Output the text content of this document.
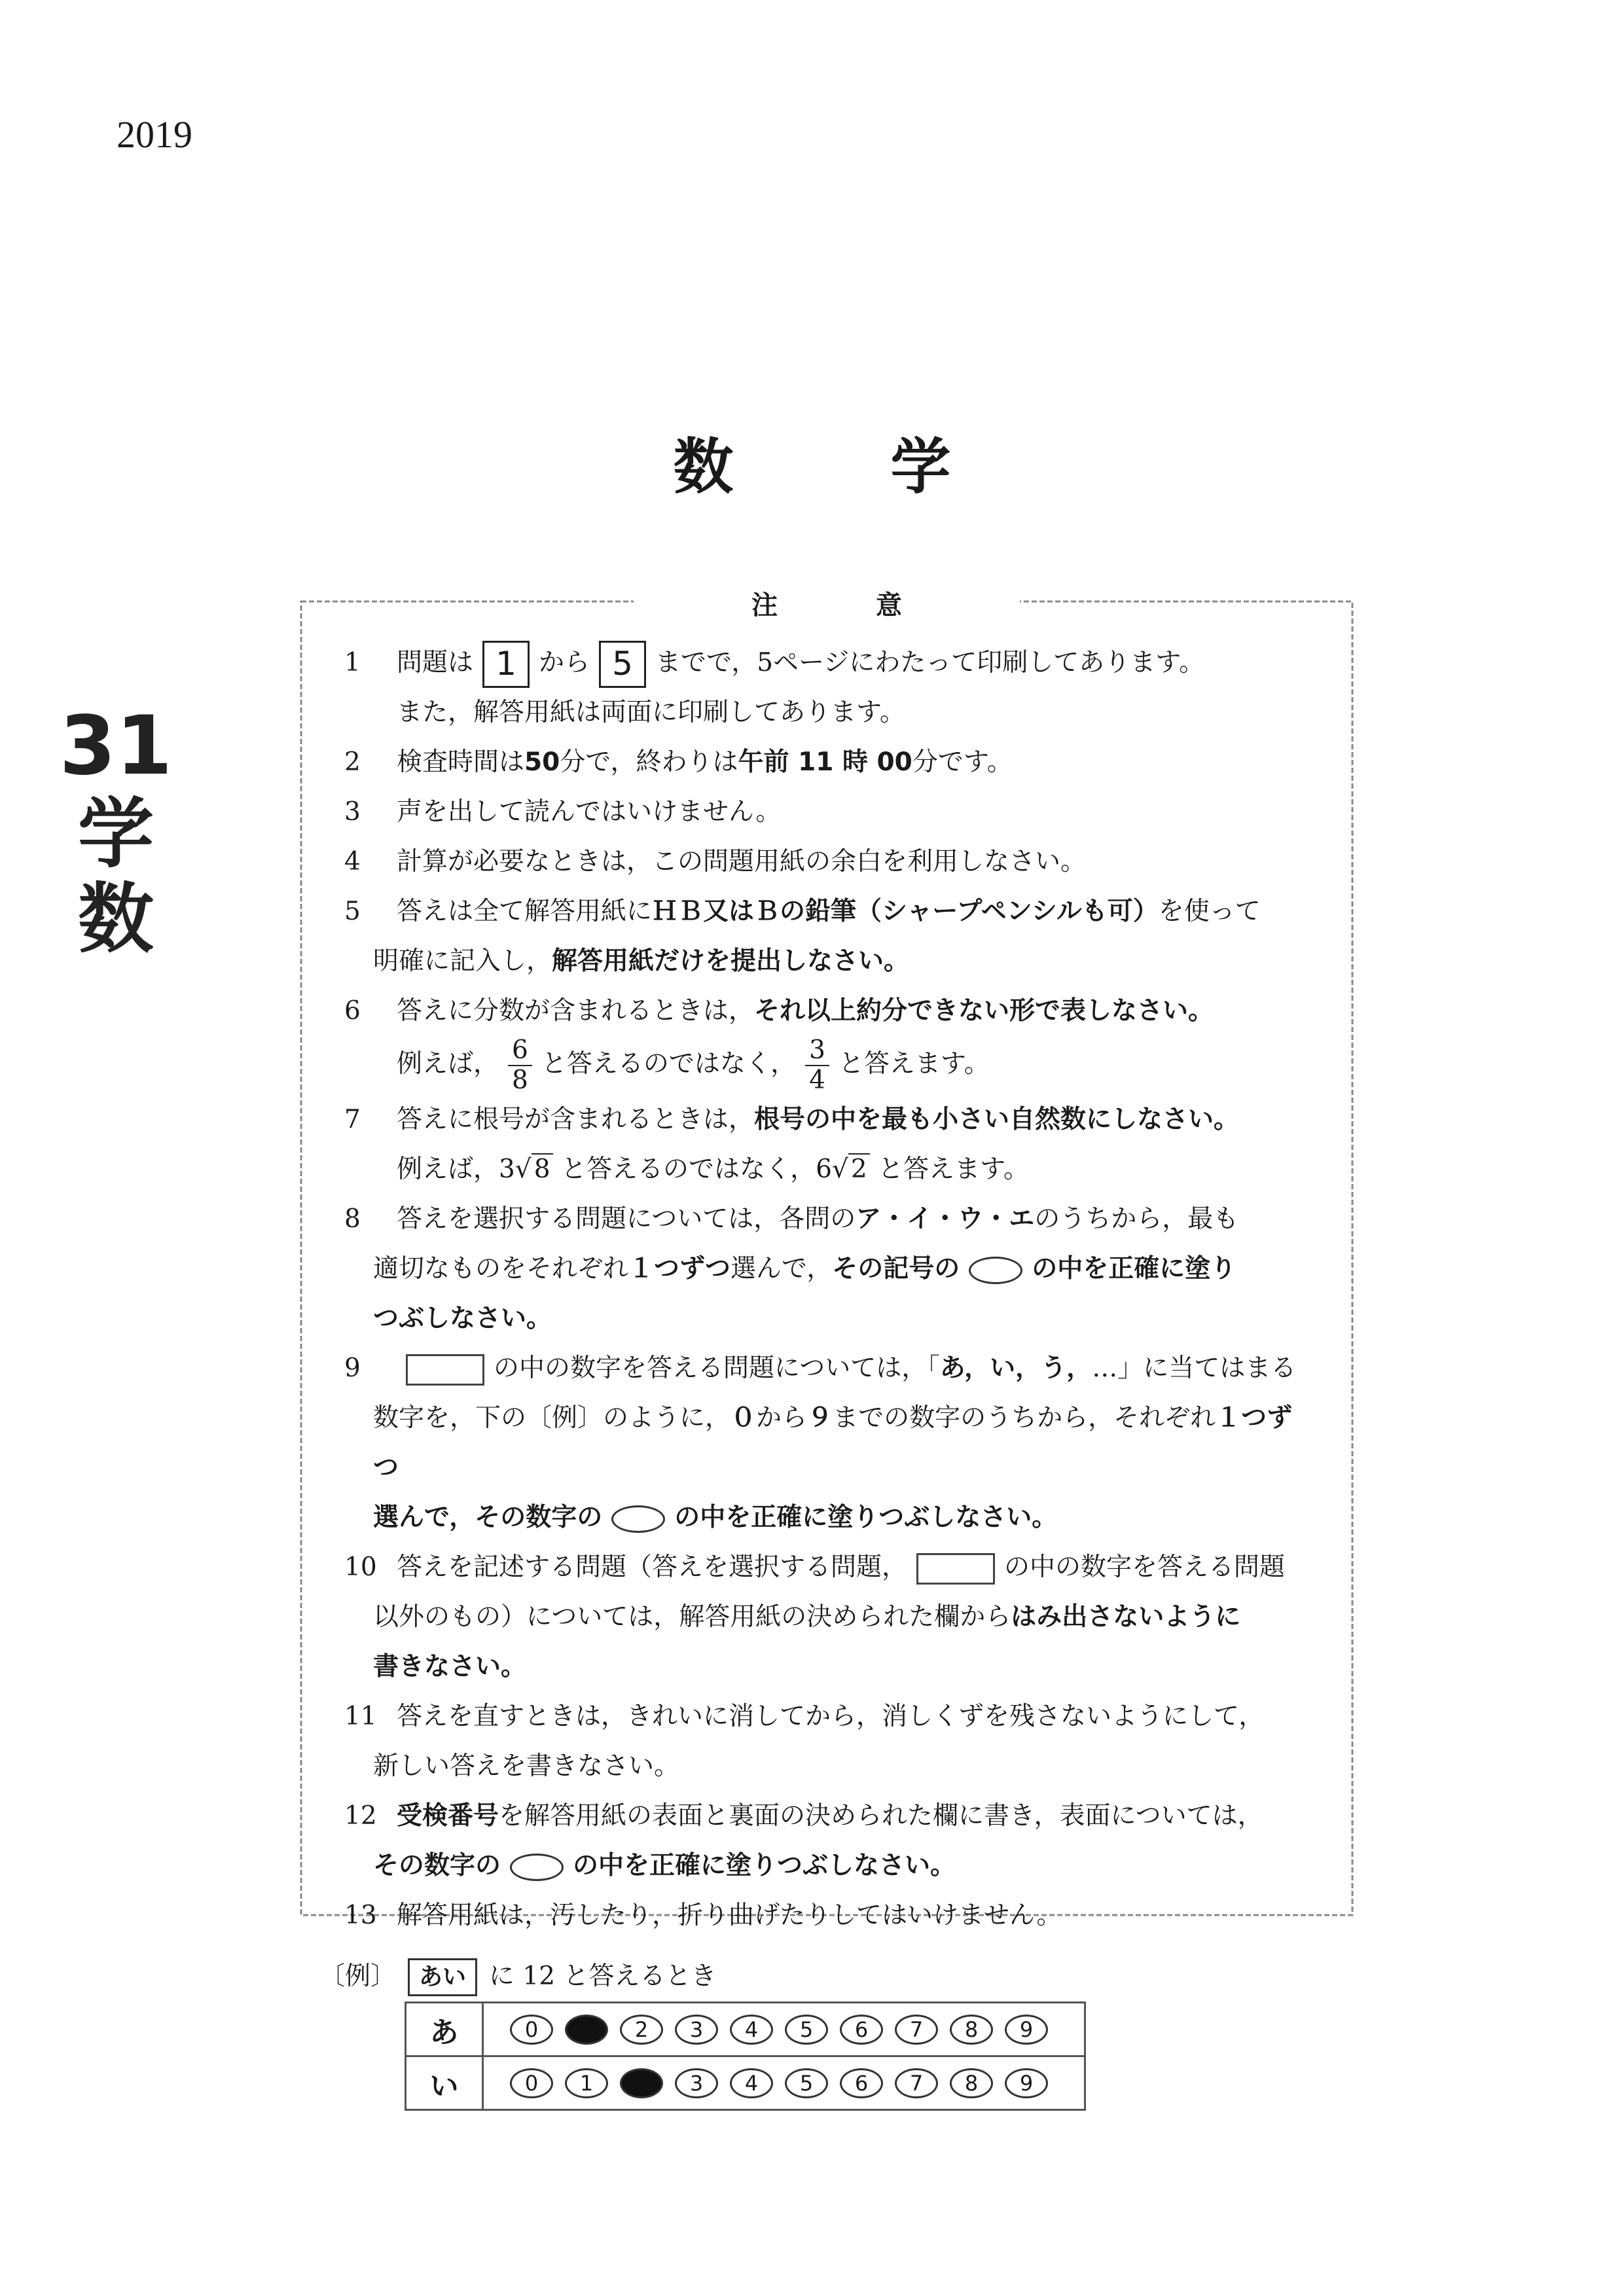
2019
数学
31
学数
注意
1	問題は 1 から 5 までで，5ページにわたって印刷してあります。
また，解答用紙は両面に印刷してあります。
2	検査時間は50分で，終わりは午前 11 時 00分です。
3	声を出して読んではいけません。
4	計算が必要なときは，この問題用紙の余白を利用しなさい。
5	答えは全て解答用紙にＨＢ又はＢの鉛筆（シャープペンシルも可）を使って
明確に記入し，解答用紙だけを提出しなさい。
6	答えに分数が含まれるときは，それ以上約分できない形で表しなさい。
例えば， $\frac{6}{8}$ と答えるのではなく， $\frac{3}{4}$ と答えます。
7	答えに根号が含まれるときは，根号の中を最も小さい自然数にしなさい。
例えば，3√ 8 と答えるのではなく，6√ 2 と答えます。
8	答えを選択する問題については，各問のア・イ・ウ・エのうちから，最も
適切なものをそれぞれ１つずつ選んで，その記号の	の中を正確に塗り
つぶしなさい。
9	の中の数字を答える問題については，「あ，い，う，…」に当てはまる
数字を，下の〔例〕のように，０から９までの数字のうちから，それぞれ１つずつ
選んで，その数字の	の中を正確に塗りつぶしなさい。
10 答えを記述する問題（答えを選択する問題，	の中の数字を答える問題
以外のもの）については，解答用紙の決められた欄からはみ出さないように
書きなさい。
11 答えを直すときは，きれいに消してから，消しくずを残さないようにして，
新しい答えを書きなさい。
12 受検番号を解答用紙の表面と裏面の決められた欄に書き，表面については，
その数字の	の中を正確に塗りつぶしなさい。
13 解答用紙は，汚したり，折り曲げたりしてはいけません。
〔例〕 あい に 12 と答えるとき
あ	0 1 2 3 4 5 6 7 8 9
い	0 1 2 3 4 5 6 7 8 9
